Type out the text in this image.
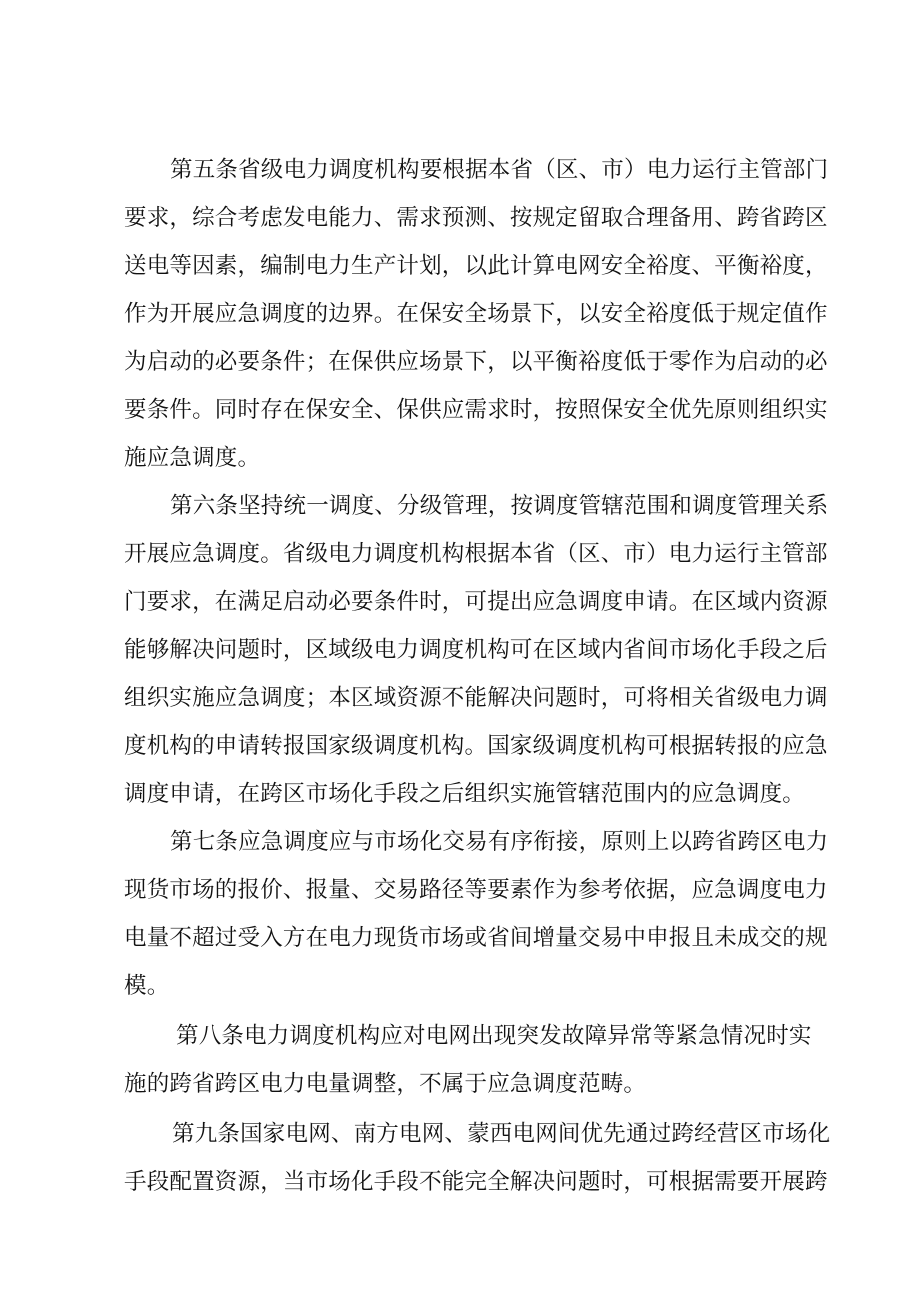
第五条省级电力调度机构要根据本省（区、市）电力运行主管部门
要求，综合考虑发电能力、需求预测、按规定留取合理备用、跨省跨区
送电等因素，编制电力生产计划，以此计算电网安全裕度、平衡裕度，
作为开展应急调度的边界。在保安全场景下，以安全裕度低于规定值作
为启动的必要条件；在保供应场景下，以平衡裕度低于零作为启动的必
要条件。同时存在保安全、保供应需求时，按照保安全优先原则组织实
施应急调度。
第六条坚持统一调度、分级管理，按调度管辖范围和调度管理关系
开展应急调度。省级电力调度机构根据本省（区、市）电力运行主管部
门要求，在满足启动必要条件时，可提出应急调度申请。在区域内资源
能够解决问题时，区域级电力调度机构可在区域内省间市场化手段之后
组织实施应急调度；本区域资源不能解决问题时，可将相关省级电力调
度机构的申请转报国家级调度机构。国家级调度机构可根据转报的应急
调度申请，在跨区市场化手段之后组织实施管辖范围内的应急调度。
第七条应急调度应与市场化交易有序衔接，原则上以跨省跨区电力
现货市场的报价、报量、交易路径等要素作为参考依据，应急调度电力
电量不超过受入方在电力现货市场或省间增量交易中申报且未成交的规
模。
第八条电力调度机构应对电网出现突发故障异常等紧急情况时实
施的跨省跨区电力电量调整，不属于应急调度范畴。
第九条国家电网、南方电网、蒙西电网间优先通过跨经营区市场化
手段配置资源，当市场化手段不能完全解决问题时，可根据需要开展跨
